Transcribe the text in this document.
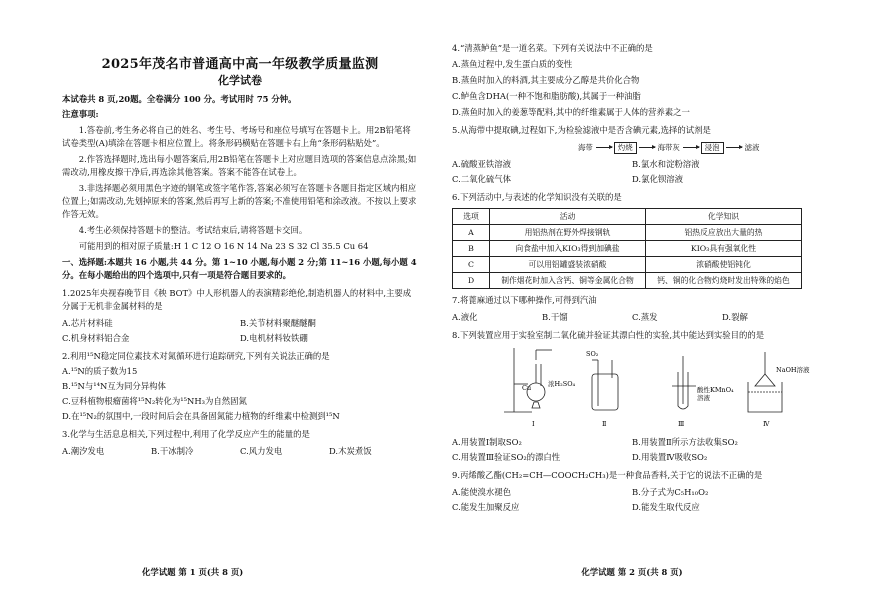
2025年茂名市普通高中高一年级教学质量监测
化学试卷
本试卷共 8 页,20题。全卷满分 100 分。考试用时 75 分钟。
注意事项:
1.答卷前,考生务必将自己的姓名、考生号、考场号和座位号填写在答题卡上。用2B铅笔将试卷类型(A)填涂在答题卡相应位置上。将条形码横贴在答题卡右上角“条形码粘贴处”。
2.作答选择题时,选出每小题答案后,用2B铅笔在答题卡上对应题目选项的答案信息点涂黑;如需改动,用橡皮擦干净后,再选涂其他答案。答案不能答在试卷上。
3.非选择题必须用黑色字迹的钢笔或签字笔作答,答案必须写在答题卡各题目指定区域内相应位置上;如需改动,先划掉原来的答案,然后再写上新的答案;不准使用铅笔和涂改液。不按以上要求作答无效。
4.考生必须保持答题卡的整洁。考试结束后,请将答题卡交回。
可能用到的相对原子质量:H 1 C 12 O 16 N 14 Na 23 S 32 Cl 35.5 Cu 64
一、选择题:本题共 16 小题,共 44 分。第 1~10 小题,每小题 2 分;第 11~16 小题,每小题 4 分。在每小题给出的四个选项中,只有一项是符合题目要求的。
1.2025年央视春晚节目《秧 BOT》中人形机器人的表演精彩绝伦,制造机器人的材料中,主要成分属于无机非金属材料的是
A.芯片材料硅	B.关节材料聚醚醚酮
C.机身材料铝合金	D.电机材料钕铁硼
2.利用¹⁵N稳定同位素技术对氮循环进行追踪研究,下列有关说法正确的是
A.¹⁵N的质子数为15
B.¹⁵N与¹⁴N互为同分异构体
C.豆科植物根瘤菌将¹⁵N₂转化为¹⁵NH₃为自然固氮
D.在¹⁵N₂的氛围中,一段时间后会在具备固氮能力植物的纤维素中检测到¹⁵N
3.化学与生活息息相关,下列过程中,利用了化学反应产生的能量的是
A.潮汐发电	B.干冰制冷	C.风力发电	D.木炭煮饭
化学试题 第 1 页(共 8 页)
4.“清蒸鲈鱼”是一道名菜。下列有关说法中不正确的是
A.蒸鱼过程中,发生蛋白质的变性
B.蒸鱼时加入的料酒,其主要成分乙醇是共价化合物
C.鲈鱼含DHA(一种不饱和脂肪酸),其属于一种油脂
D.蒸鱼时加入的姜葱等配料,其中的纤维素属于人体的营养素之一
5.从海带中提取碘,过程如下,为检验滤液中是否含碘元素,选择的试剂是
海带	灼烧	海带灰	浸泡	滤液
A.硫酸亚铁溶液	B.氯水和淀粉溶液
C.二氧化硫气体	D.氯化钡溶液
6.下列活动中,与表述的化学知识没有关联的是
选项	活动	化学知识
A	用铝热剂在野外焊接钢轨	铝热反应放出大量的热
B	向食盐中加入KIO₃得到加碘盐	KIO₃具有强氧化性
C	可以用铝罐盛装浓硝酸	浓硝酸使铝钝化
D	制作烟花时加入含钙、铜等金属化合物	钙、铜的化合物灼烧时发出特殊的焰色
7.将蓖麻通过以下哪种操作,可得到汽油
A.液化	B.干馏	C.蒸发	D.裂解
8.下列装置应用于实验室制二氧化硫并验证其漂白性的实验,其中能达到实验目的的是
Cu	浓H₂SO₄
Ⅰ
SO₂
Ⅱ
酸性KMnO₄
溶液
Ⅲ
NaOH溶液
Ⅳ
A.用装置Ⅰ制取SO₂	B.用装置Ⅱ所示方法收集SO₂
C.用装置Ⅲ验证SO₂的漂白性	D.用装置Ⅳ吸收SO₂
9.丙烯酸乙酯(CH₂=CH—COOCH₂CH₃)是一种食品香料,关于它的说法不正确的是
A.能使溴水褪色	B.分子式为C₅H₁₀O₂
C.能发生加聚反应	D.能发生取代反应
化学试题 第 2 页(共 8 页)
